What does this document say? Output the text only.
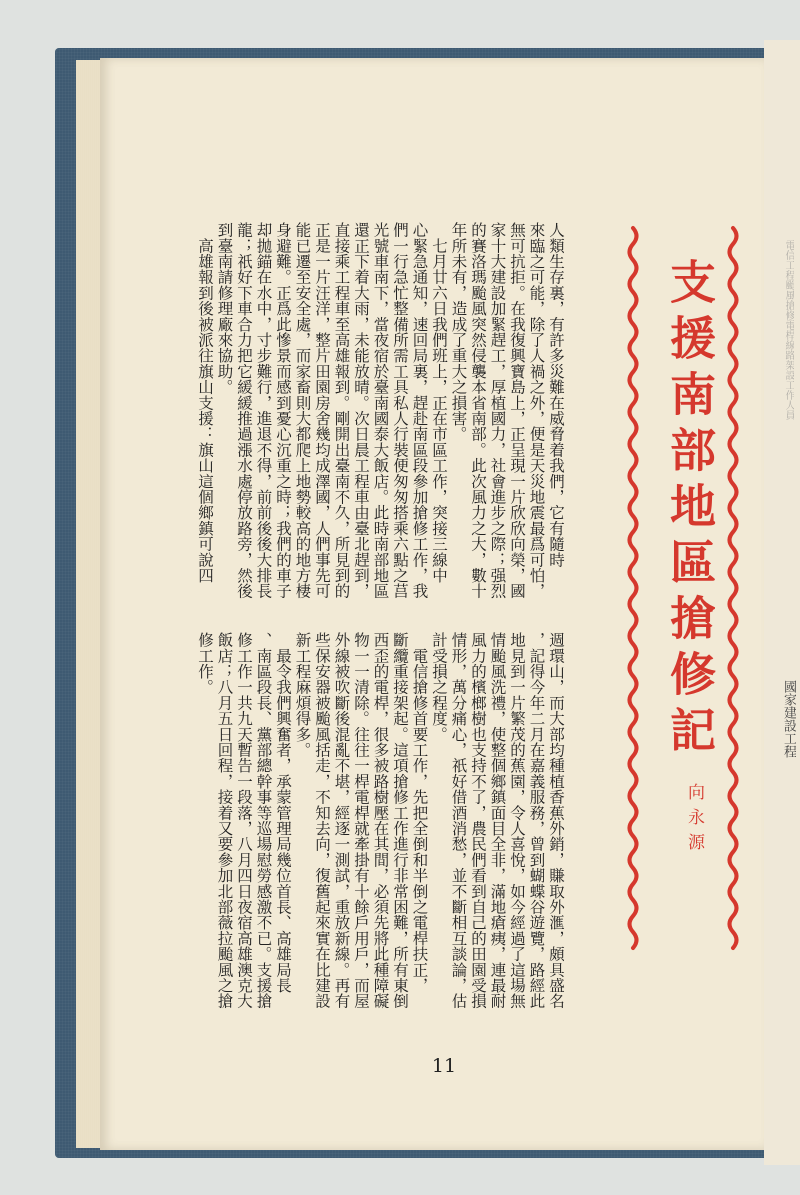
電信工程颱風搶修電桿線路架設工作人員
國家建設工程
人類生存裏，有許多災難在威脅着我們，它有隨時
來臨之可能，除了人禍之外，便是天災地震最爲可怕，
無可抗拒。在我復興寶島上，正呈現一片欣欣向榮，國
家十大建設加緊趕工，厚植國力，社會進步之際；强烈
的賽洛瑪颱風突然侵襲本省南部。此次風力之大，數十
年所未有，造成了重大之損害。
　七月廿六日我們班上，正在市區工作，突接三線中
心緊急通知，速回局裏，趕赴南區段參加搶修工作，我
們一行急忙整備所需工具私人行裝便匆匆搭乘六點之莒
光號車南下，當夜宿於臺南國泰大飯店。此時南部地區
還正下着大雨，未能放晴。次日晨工程車由臺北趕到，
直接乘工程車至高雄報到。剛開出臺南不久，所見到的
正是一片汪洋，整片田園房舍幾均成澤國，人們事先可
能已遷至安全處，而家畜則大都爬上地勢較高的地方棲
身避難。正爲此慘景而感到憂心沉重之時；我們的車子
却拋錨在水中，寸步難行，進退不得，前前後後大排長
龍；祇好下車合力把它緩緩推過漲水處停放路旁，然後
到臺南請修理廠來協助。
　高雄報到後被派往旗山支援：旗山這個鄉鎮可說四
週環山，而大部均種植香蕉外銷，賺取外滙，頗具盛名
，記得今年二月在嘉義服務，曾到蝴蝶谷遊覽，路經此
地見到一片繁茂的蕉園，令人喜悅，如今經過了這場無
情颱風洗禮，使整個鄉鎮面目全非，滿地瘡痍，連最耐
風力的檳榔樹也支持不了，農民們看到自己的田園受損
情形，萬分痛心，祇好借酒消愁，並不斷相互談論，估
計受損之程度。
　電信搶修首要工作，先把全倒和半倒之電桿扶正，
斷纜重接架起。這項搶修工作進行非常困難，所有東倒
西歪的電桿，很多被路樹壓在其間，必須先將此種障礙
物一一清除。往往一桿電桿就牽掛有十餘戶用戶，而屋
外線被吹斷後混亂不堪，經逐一測試，重放新線。再有
些保安器被颱風括走，不知去向，復舊起來實在比建設
新工程麻煩得多。
　最令我們興奮者，承蒙管理局幾位首長、高雄局長
、南區段長、黨部總幹事等巡場慰勞感激不已。支援搶
修工作一共九天暫告一段落，八月四日夜宿高雄澳克大
飯店；八月五日回程，接着又要參加北部薇拉颱風之搶
修工作。	支援南部地區搶修記
向永源
11
